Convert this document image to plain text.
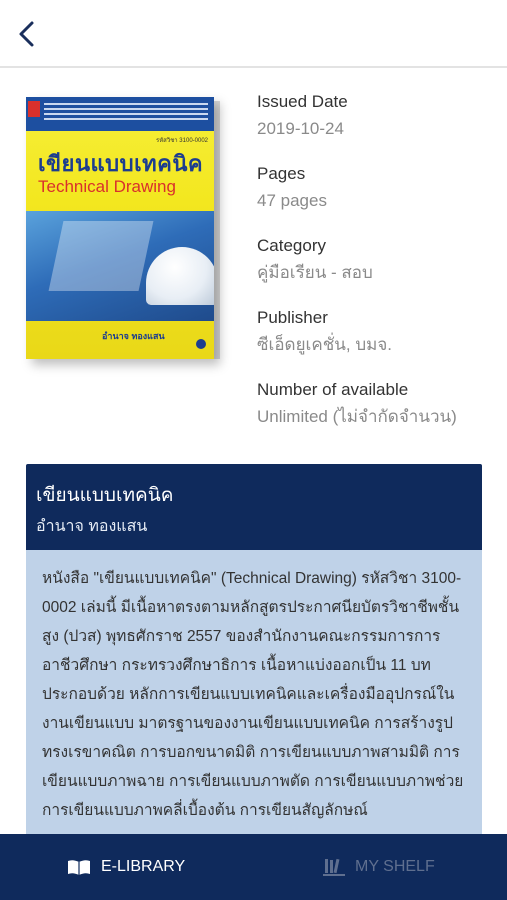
รหัสวิชา 3100-0002
เขียนแบบเทคนิค
Technical Drawing
อำนาจ ทองแสน
Issued Date
2019-10-24
Pages
47 pages
Category
คู่มือเรียน - สอบ
Publisher
ซีเอ็ดยูเคชั่น, บมจ.
Number of available
Unlimited (ไม่จำกัดจำนวน)
เขียนแบบเทคนิค
อำนาจ ทองแสน
หนังสือ "เขียนแบบเทคนิค" (Technical Drawing) รหัสวิชา 3100-0002 เล่มนี้ มีเนื้อหาตรงตามหลักสูตรประกาศนียบัตรวิชาชีพชั้นสูง (ปวส) พุทธศักราช 2557 ของสำนักงานคณะกรรมการการอาชีวศึกษา กระทรวงศึกษาธิการ เนื้อหาแบ่งออกเป็น 11 บท ประกอบด้วย หลักการเขียนแบบเทคนิคและเครื่องมืออุปกรณ์ในงานเขียนแบบ มาตรฐานของงานเขียนแบบเทคนิค การสร้างรูปทรงเรขาคณิต การบอกขนาดมิติ การเขียนแบบภาพสามมิติ การเขียนแบบภาพฉาย การเขียนแบบภาพตัด การเขียนแบบภาพช่วย การเขียนแบบภาพคลี่เบื้องต้น การเขียนสัญลักษณ์
E-LIBRARY	MY SHELF
